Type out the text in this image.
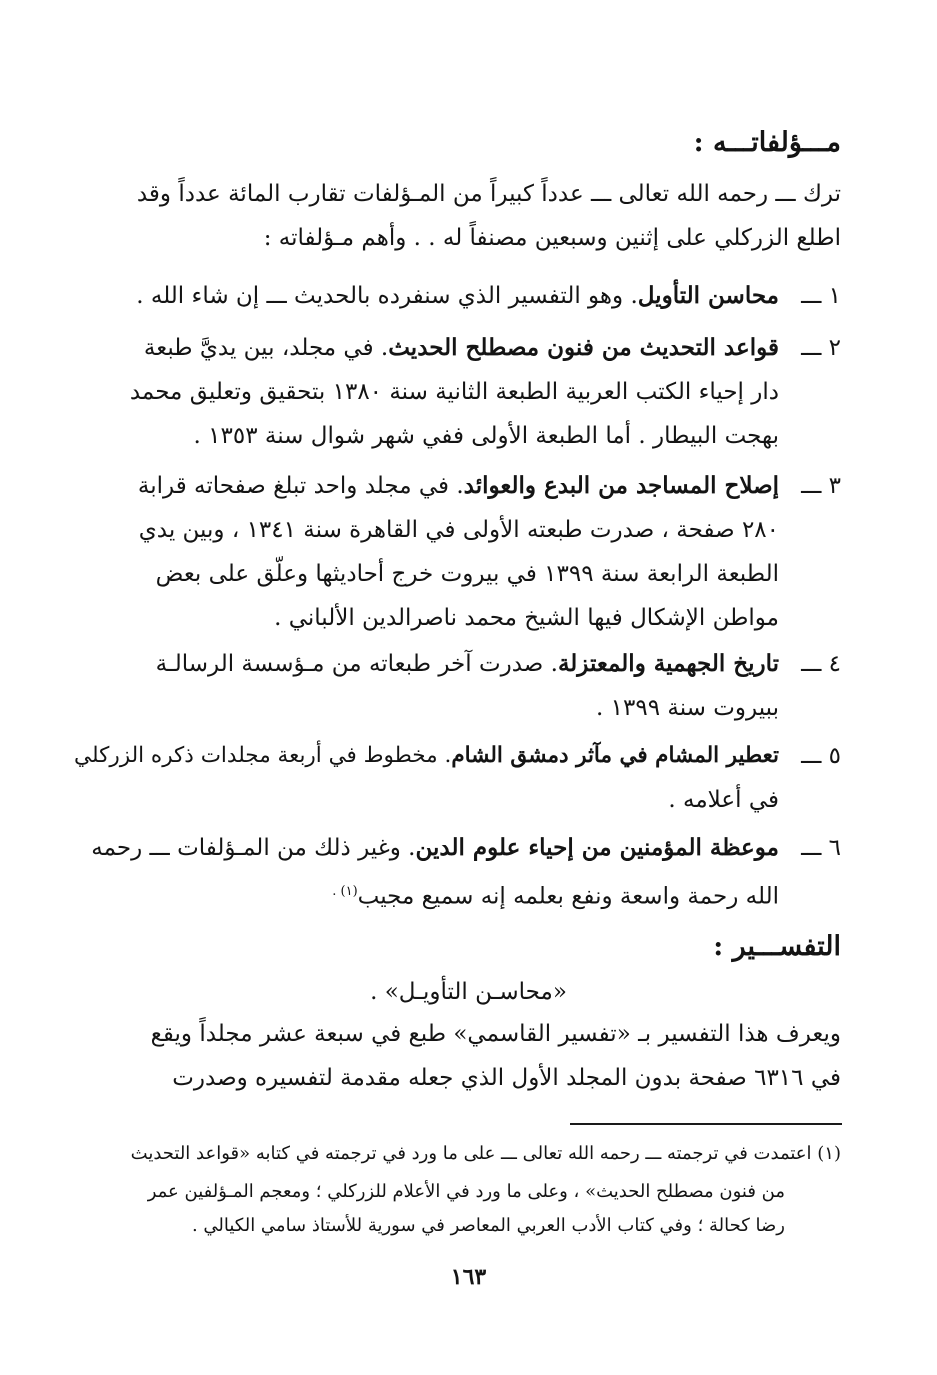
مـــؤلفاتـــه :
ترك ـــ رحمه الله تعالى ـــ عدداً كبيراً من المـؤلفات تقارب المائة عدداً وقد
اطلع الزركلي على إثنين وسبعين مصنفاً له . . وأهم مـؤلفاته :
١ ـــ
محاسن التأويل. وهو التفسير الذي سنفرده بالحديث ـــ إن شاء الله .
٢ ـــ
قواعد التحديث من فنون مصطلح الحديث. في مجلد، بين يديَّ طبعة
دار إحياء الكتب العربية الطبعة الثانية سنة ١٣٨٠ بتحقيق وتعليق محمد
بهجت البيطار . أما الطبعة الأولى ففي شهر شوال سنة ١٣٥٣ .
٣ ـــ
إصلاح المساجد من البدع والعوائد. في مجلد واحد تبلغ صفحاته قرابة
٢٨٠ صفحة ، صدرت طبعته الأولى في القاهرة سنة ١٣٤١ ، وبين يدي
الطبعة الرابعة سنة ١٣٩٩ في بيروت خرج أحاديثها وعلّق على بعض
مواطن الإشكال فيها الشيخ محمد ناصرالدين الألباني .
٤ ـــ
تاريخ الجهمية والمعتزلة. صدرت آخر طبعاته من مـؤسسة الرسالـة
ببيروت سنة ١٣٩٩ .
٥ ـــ
تعطير المشام في مآثر دمشق الشام. مخطوط في أربعة مجلدات ذكره الزركلي
في أعلامه .
٦ ـــ
موعظة المؤمنين من إحياء علوم الدين. وغير ذلك من المـؤلفات ـــ رحمه
الله رحمة واسعة ونفع بعلمه إنه سميع مجيب$^{(١) .}$
التفســـير :
«محاسـن التأويـل» .
ويعرف هذا التفسير بـ «تفسير القاسمي» طبع في سبعة عشر مجلداً ويقع
في ٦٣١٦ صفحة بدون المجلد الأول الذي جعله مقدمة لتفسيره وصدرت
(١) اعتمدت في ترجمته ـــ رحمه الله تعالى ـــ على ما ورد في ترجمته في كتابه «قواعد التحديث
من فنون مصطلح الحديث» ، وعلى ما ورد في الأعلام للزركلي ؛ ومعجم المـؤلفين عمر
رضا كحالة ؛ وفي كتاب الأدب العربي المعاصر في سورية للأستاذ سامي الكيالي .
١٦٣
